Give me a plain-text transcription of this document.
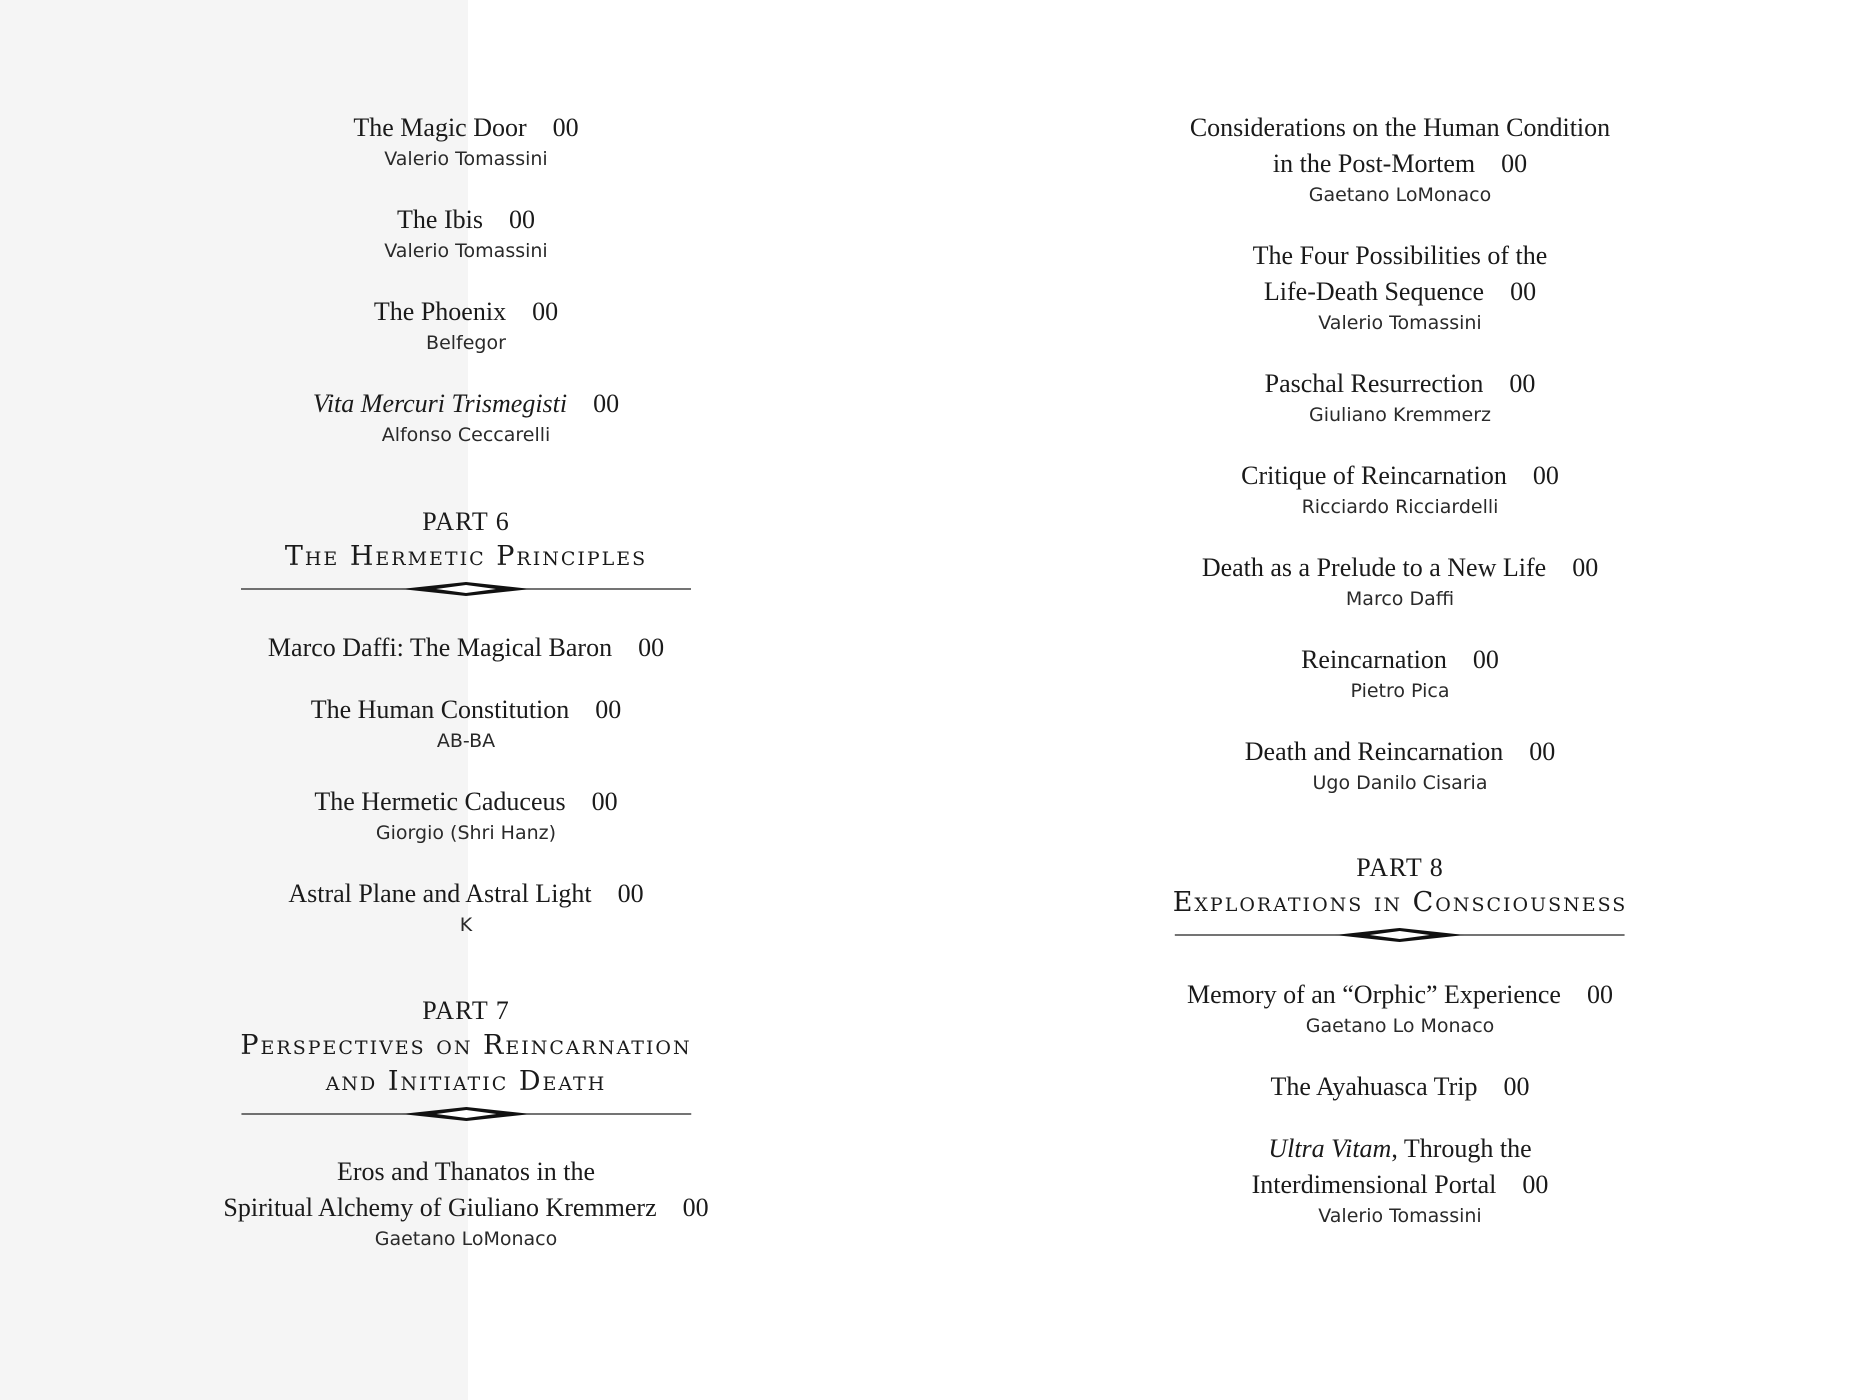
The Magic Door 00
Valerio Tomassini
The Ibis 00
Valerio Tomassini
The Phoenix 00
Belfegor
Vita Mercuri Trismegisti 00
Alfonso Ceccarelli
PART 6
The Hermetic Principles
Marco Daffi: The Magical Baron 00
The Human Constitution 00
AB-BA
The Hermetic Caduceus 00
Giorgio (Shri Hanz)
Astral Plane and Astral Light 00
K
PART 7
Perspectives on Reincarnation
and Initiatic Death
Eros and Thanatos in the
Spiritual Alchemy of Giuliano Kremmerz 00
Gaetano LoMonaco
Considerations on the Human Condition
in the Post-Mortem 00
Gaetano LoMonaco
The Four Possibilities of the
Life-Death Sequence 00
Valerio Tomassini
Paschal Resurrection 00
Giuliano Kremmerz
Critique of Reincarnation 00
Ricciardo Ricciardelli
Death as a Prelude to a New Life 00
Marco Daffi
Reincarnation 00
Pietro Pica
Death and Reincarnation 00
Ugo Danilo Cisaria
PART 8
Explorations in Consciousness
Memory of an “Orphic” Experience 00
Gaetano Lo Monaco
The Ayahuasca Trip 00
Ultra Vitam, Through the
Interdimensional Portal 00
Valerio Tomassini
